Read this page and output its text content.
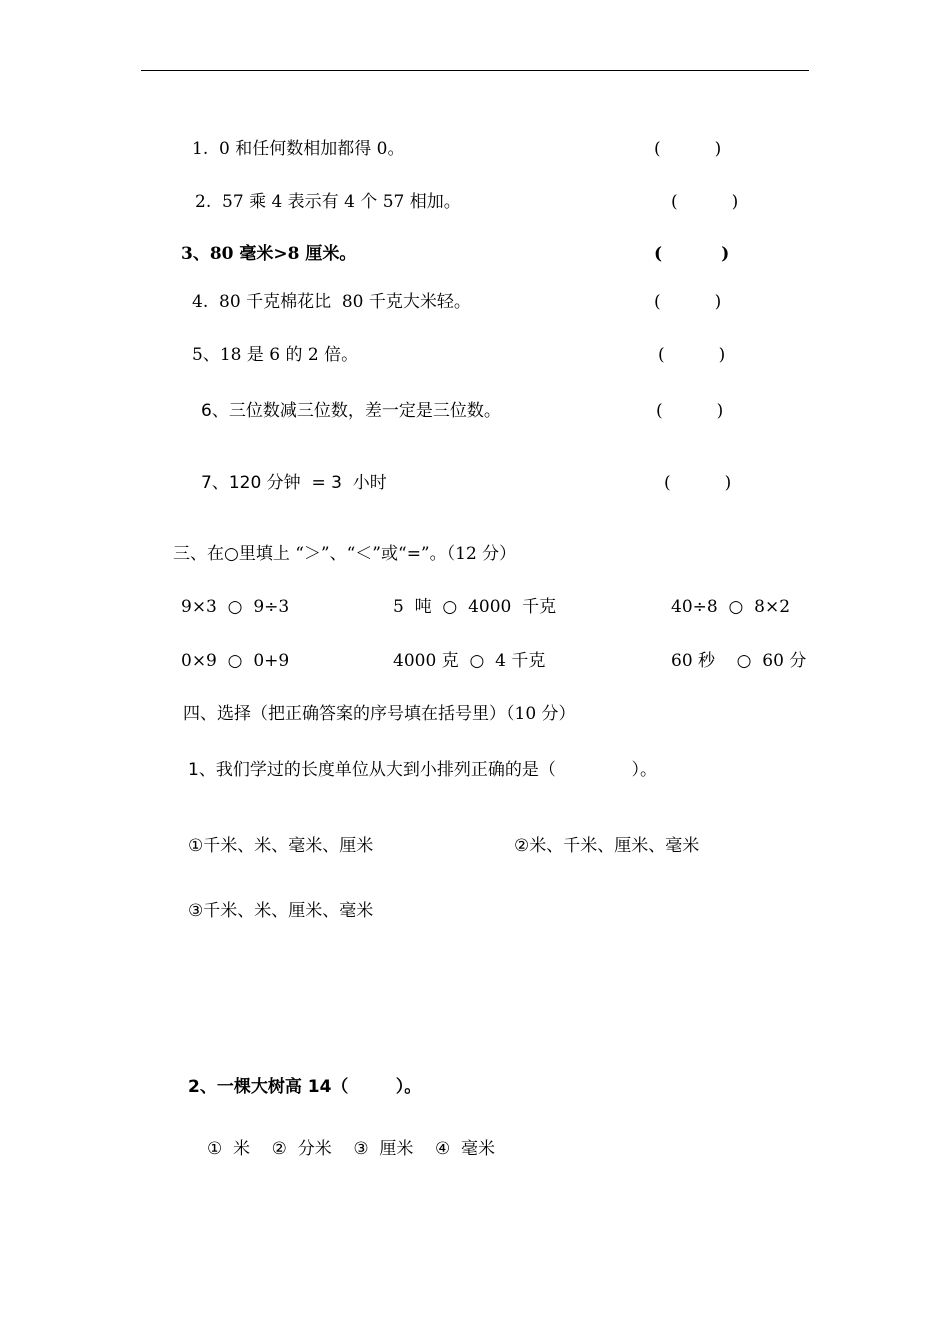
1.  0 和任何数相加都得 0。	(          )
2.  57 乘 4 表示有 4 个 57 相加。	(          )
3、80 毫米>8 厘米。	(          )
4.  80 千克棉花比  80 千克大米轻。	(          )
5、18 是 6 的 2 倍。	(          )
6、三位数减三位数，差一定是三位数。	(          )
7、120 分钟  = 3  小时	(          )
三、在○里填上 “＞”、“＜”或“=”。（12 分）
9×3  ○  9÷3	5  吨  ○  4000  千克	40÷8  ○  8×2
0×9  ○  0+9	4000 克  ○  4 千克	60 秒    ○  60 分
四、选择（把正确答案的序号填在括号里）（10 分）
1、我们学过的长度单位从大到小排列正确的是（              ）。
①千米、米、毫米、厘米	②米、千米、厘米、毫米
③千米、米、厘米、毫米
2、一棵大树高 14（        ）。
①  米    ②  分米    ③  厘米    ④  毫米
